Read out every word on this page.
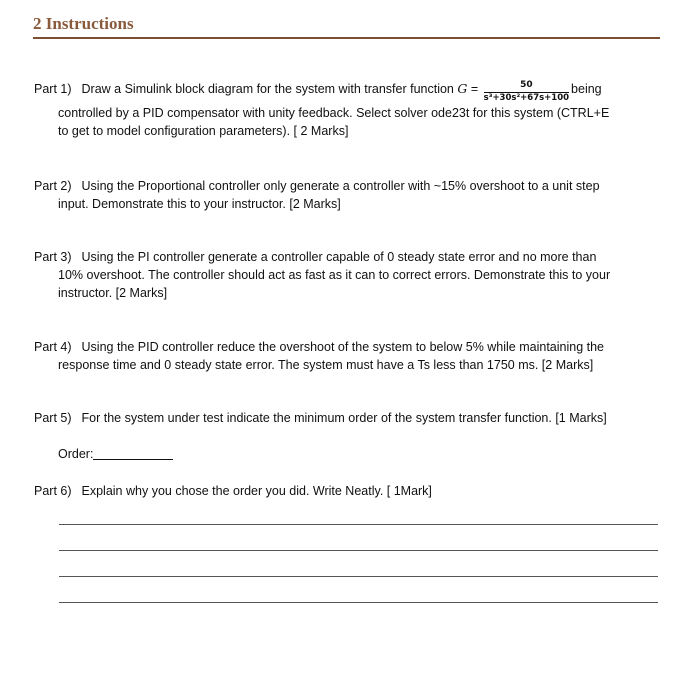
2 Instructions
Part 1) Draw a Simulink block diagram for the system with transfer function $G = \frac{50}{\text{s³+30s²+67s+100}}$ being
controlled by a PID compensator with unity feedback. Select solver ode23t for this system (CTRL+E
to get to model configuration parameters). [ 2 Marks]
Part 2) Using the Proportional controller only generate a controller with ~15% overshoot to a unit step
input. Demonstrate this to your instructor. [2 Marks]
Part 3) Using the PI controller generate a controller capable of 0 steady state error and no more than
10% overshoot. The controller should act as fast as it can to correct errors. Demonstrate this to your
instructor. [2 Marks]
Part 4) Using the PID controller reduce the overshoot of the system to below 5% while maintaining the
response time and 0 steady state error. The system must have a Ts less than 1750 ms. [2 Marks]
Part 5) For the system under test indicate the minimum order of the system transfer function. [1 Marks]
Order:
Part 6) Explain why you chose the order you did. Write Neatly. [ 1Mark]
